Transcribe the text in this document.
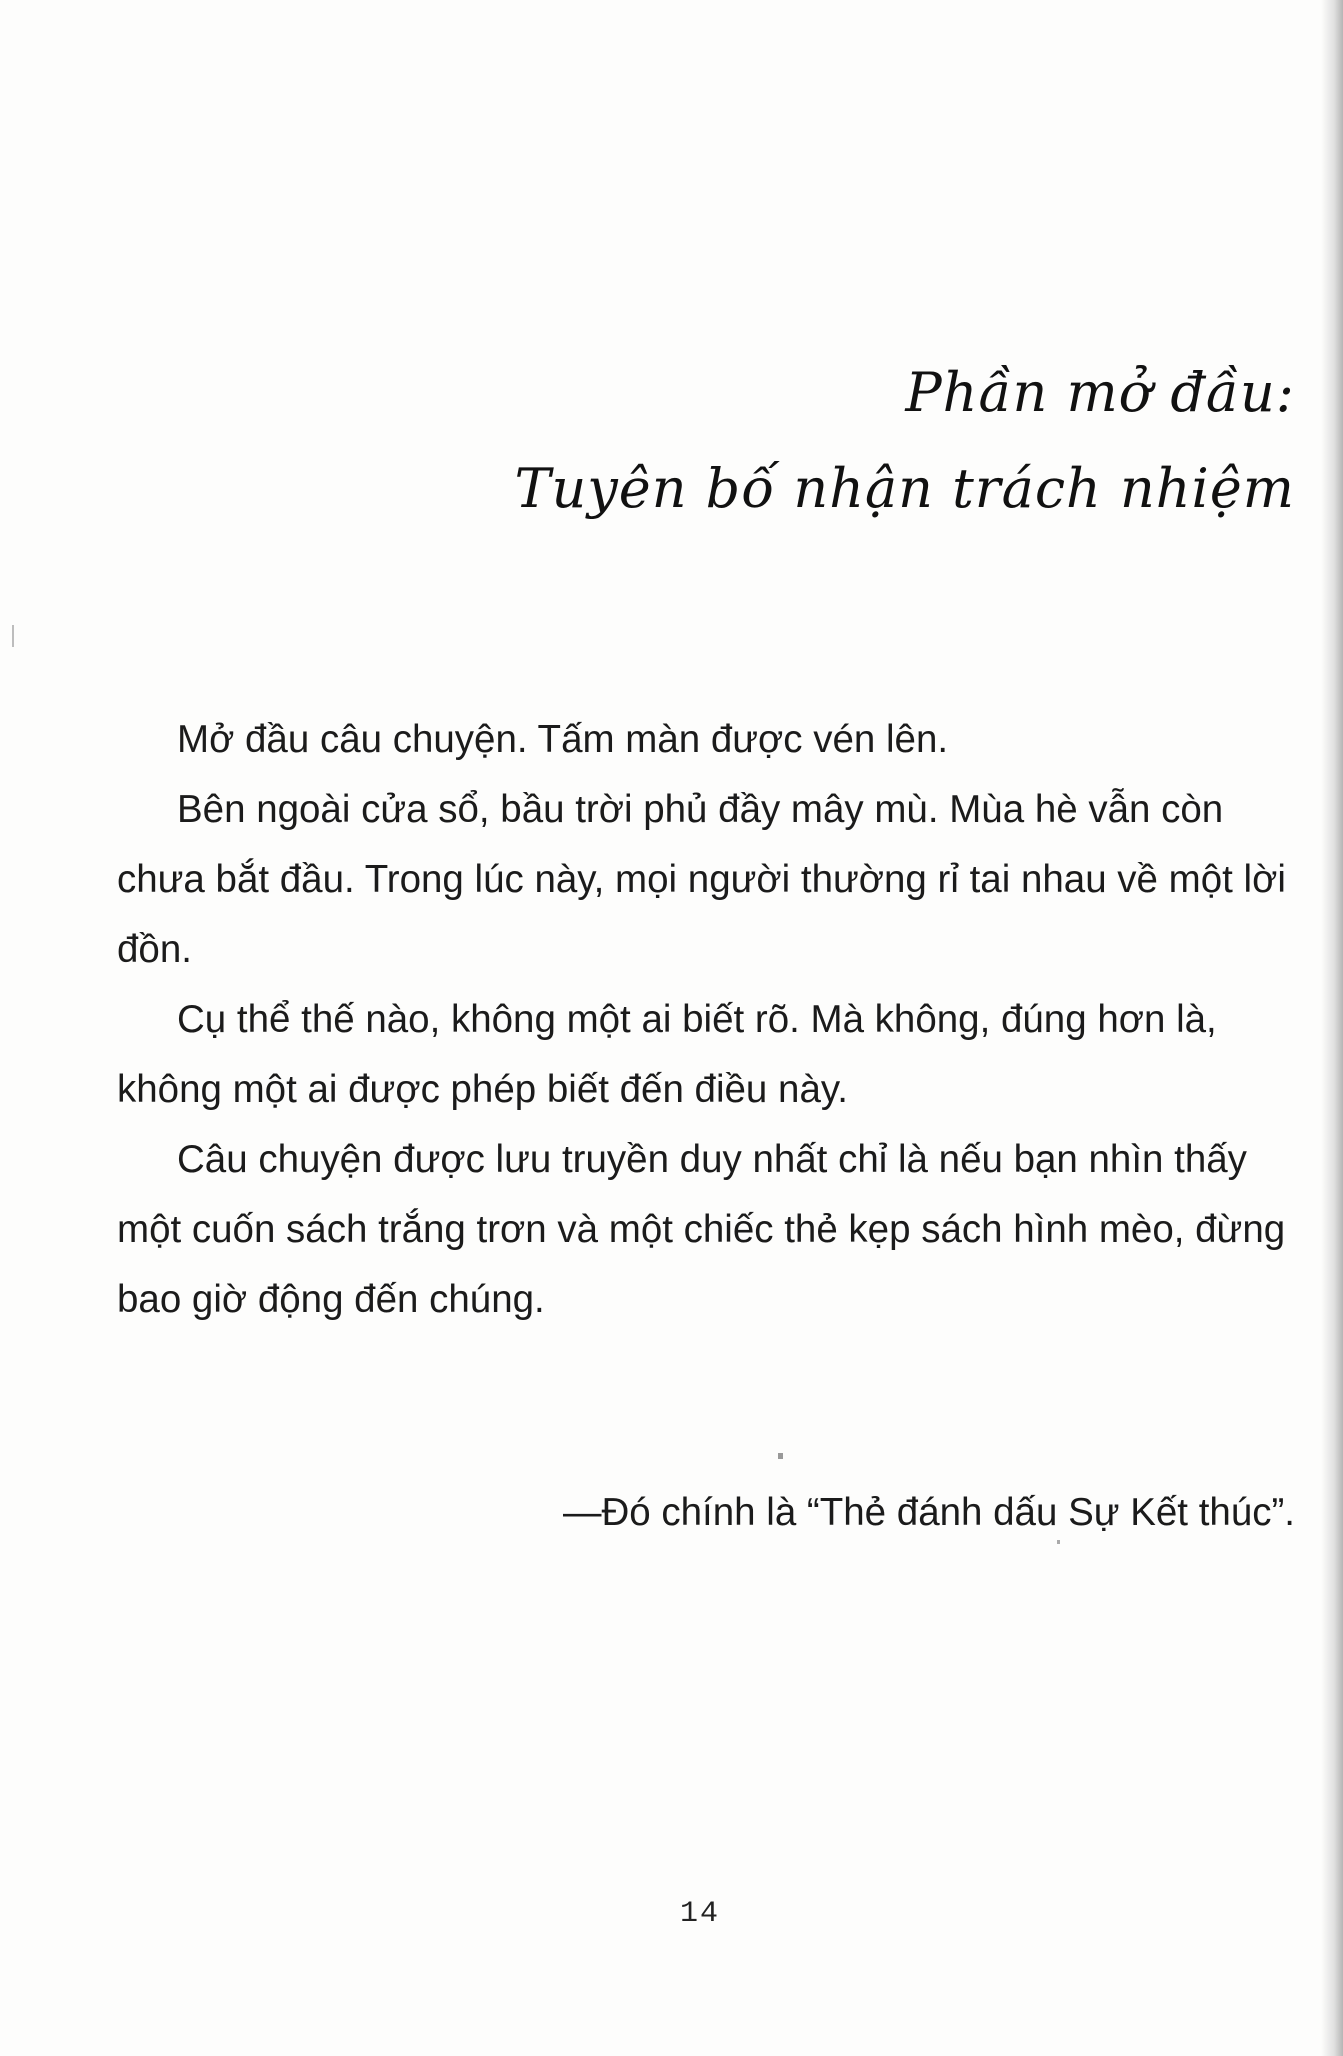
Phần mở đầu:
Tuyên bố nhận trách nhiệm

Mở đầu câu chuyện. Tấm màn được vén lên.

Bên ngoài cửa sổ, bầu trời phủ đầy mây mù. Mùa hè vẫn còn chưa bắt đầu. Trong lúc này, mọi người thường rỉ tai nhau về một lời đồn.

Cụ thể thế nào, không một ai biết rõ. Mà không, đúng hơn là, không một ai được phép biết đến điều này.

Câu chuyện được lưu truyền duy nhất chỉ là nếu bạn nhìn thấy một cuốn sách trắng trơn và một chiếc thẻ kẹp sách hình mèo, đừng bao giờ động đến chúng.

—Đó chính là “Thẻ đánh dấu Sự Kết thúc”.
14
